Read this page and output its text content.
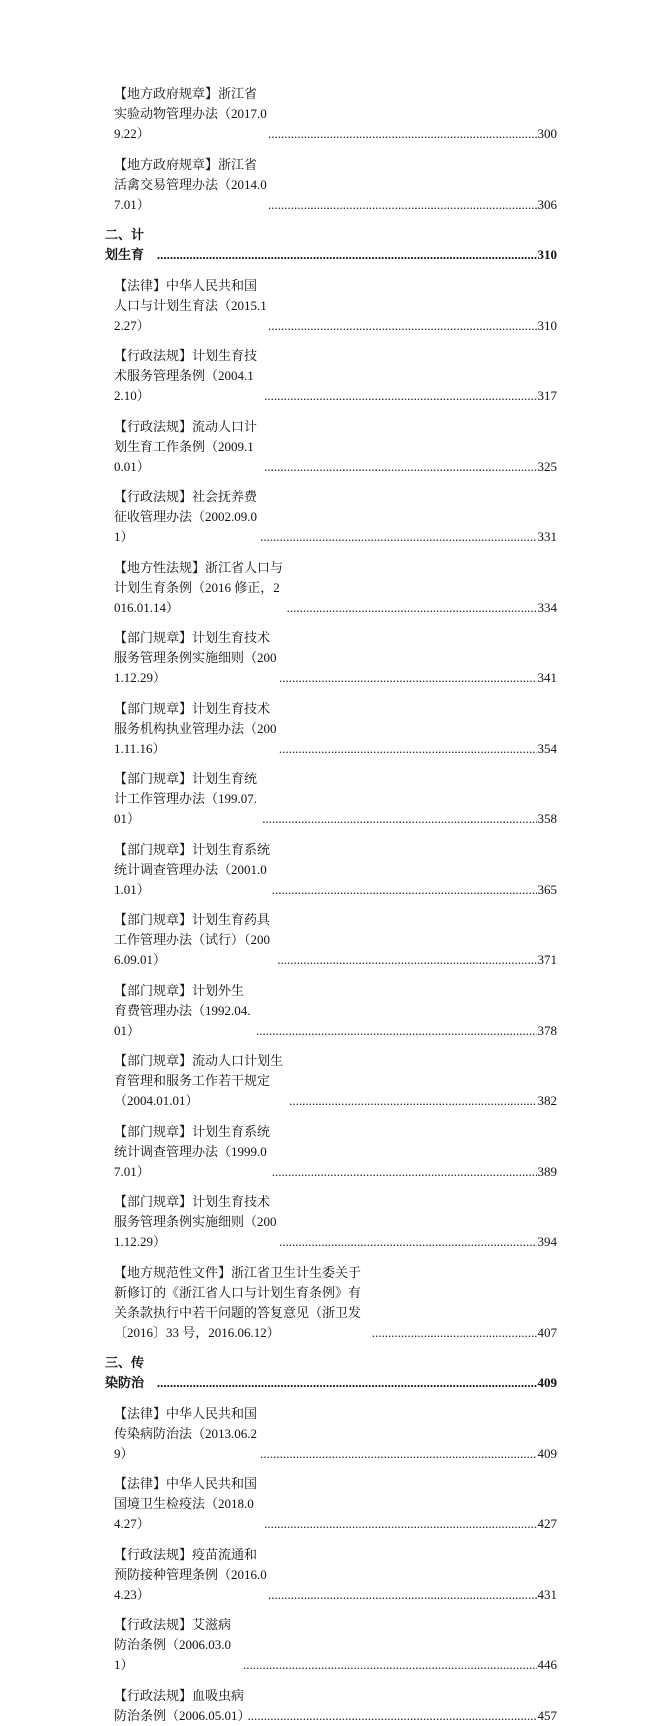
【地方政府规章】浙江省实验动物管理办法（2017.09.22） .....	300
【地方政府规章】浙江省活禽交易管理办法（2014.07.01） .....	306
二、计划生育 .....	310
【法律】中华人民共和国人口与计划生育法（2015.12.27） .....	310
【行政法规】计划生育技术服务管理条例（2004.12.10） .....	317
【行政法规】流动人口计划生育工作条例（2009.10.01） .....	325
【行政法规】社会抚养费征收管理办法（2002.09.01） .....	331
【地方性法规】浙江省人口与计划生育条例（2016 修正，2016.01.14） .....	334
【部门规章】计划生育技术服务管理条例实施细则（2001.12.29） .....	341
【部门规章】计划生育技术服务机构执业管理办法（2001.11.16） .....	354
【部门规章】计划生育统计工作管理办法（199.07.01） .....	358
【部门规章】计划生育系统统计调查管理办法（2001.01.01） .....	365
【部门规章】计划生育药具工作管理办法（试行）（2006.09.01） .....	371
【部门规章】计划外生育费管理办法（1992.04.01） .....	378
【部门规章】流动人口计划生育管理和服务工作若干规定（2004.01.01） .....	382
【部门规章】计划生育系统统计调查管理办法（1999.07.01） .....	389
【部门规章】计划生育技术服务管理条例实施细则（2001.12.29） .....	394
【地方规范性文件】浙江省卫生计生委关于新修订的《浙江省人口与计划生育条例》有关条款执行中若干问题的答复意见（浙卫发〔2016〕33 号，2016.06.12） .....	407
三、传染防治 .....	409
【法律】中华人民共和国传染病防治法（2013.06.29） .....	409
【法律】中华人民共和国国境卫生检疫法（2018.04.27） .....	427
【行政法规】疫苗流通和预防接种管理条例（2016.04.23） .....	431
【行政法规】艾滋病防治条例（2006.03.01） .....	446
【行政法规】血吸虫病防治条例（2006.05.01） .....	457
